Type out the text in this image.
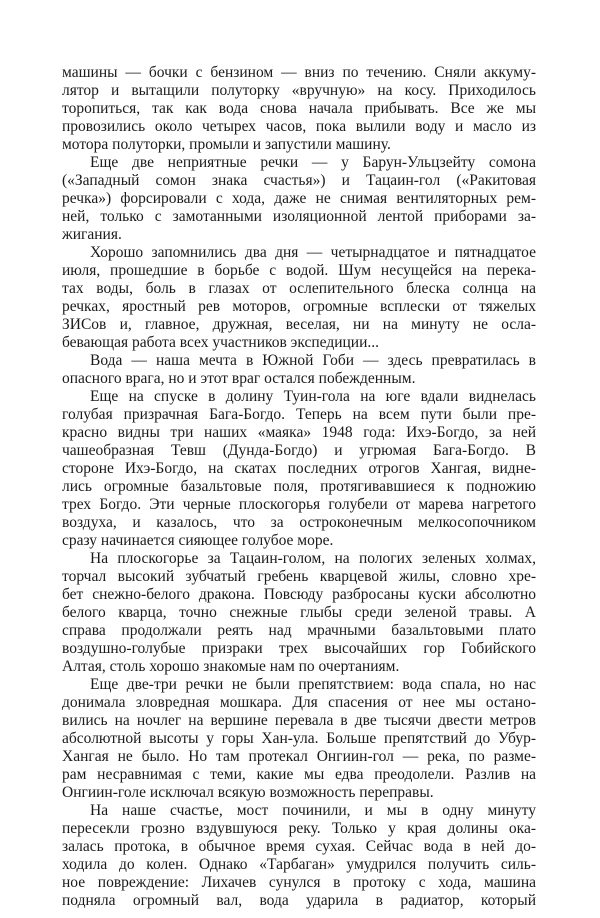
машины — бочки с бензином — вниз по течению. Сняли аккуму-
лятор и вытащили полуторку «вручную» на косу. Приходилось
торопиться, так как вода снова начала прибывать. Все же мы
провозились около четырех часов, пока вылили воду и масло из
мотора полуторки, промыли и запустили машину.
Еще две неприятные речки — у Барун-Ульцзейту сомона
(«Западный сомон знака счастья») и Тацаин-гол («Ракитовая
речка») форсировали с хода, даже не снимая вентиляторных рем-
ней, только с замотанными изоляционной лентой приборами за-
жигания.
Хорошо запомнились два дня — четырнадцатое и пятнадцатое
июля, прошедшие в борьбе с водой. Шум несущейся на перека-
тах воды, боль в глазах от ослепительного блеска солнца на
речках, яростный рев моторов, огромные всплески от тяжелых
ЗИСов и, главное, дружная, веселая, ни на минуту не осла-
бевающая работа всех участников экспедиции...
Вода — наша мечта в Южной Гоби — здесь превратилась в
опасного врага, но и этот враг остался побежденным.
Еще на спуске в долину Туин-гола на юге вдали виднелась
голубая призрачная Бага-Богдо. Теперь на всем пути были пре-
красно видны три наших «маяка» 1948 года: Ихэ-Богдо, за ней
чашеобразная Тевш (Дунда-Богдо) и угрюмая Бага-Богдо. В
стороне Ихэ-Богдо, на скатах последних отрогов Хангая, виднe-
лись огромные базальтовые поля, протягивавшиеся к подножию
трех Богдо. Эти черные плоскогорья голубели от марева нагретого
воздуха, и казалось, что за остроконечным мелкосопочником
сразу начинается сияющее голубое море.
На плоскогорье за Тацаин-голом, на пологих зеленых холмах,
торчал высокий зубчатый гребень кварцевой жилы, словно хре-
бет снежно-белого дракона. Повсюду разбросаны куски абсолютно
белого кварца, точно снежные глыбы среди зеленой травы. А
справа продолжали реять над мрачными базальтовыми плато
воздушно-голубые призраки трех высочайших гор Гобийского
Алтая, столь хорошо знакомые нам по очертаниям.
Еще две-три речки не были препятствием: вода спала, но нас
донимала зловредная мошкара. Для спасения от нее мы остано-
вились на ночлег на вершине перевала в две тысячи двести метров
абсолютной высоты у горы Хан-ула. Больше препятствий до Убур-
Хангая не было. Но там протекал Онгиин-гол — река, по разме-
рам несравнимая с теми, какие мы едва преодолели. Разлив на
Онгиин-голе исключал всякую возможность переправы.
На наше счастье, мост починили, и мы в одну минуту
пересекли грозно вздувшуюся реку. Только у края долины ока-
залась протока, в обычное время сухая. Сейчас вода в ней до-
ходила до колен. Однако «Тарбаган» умудрился получить силь-
ное повреждение: Лихачев сунулся в протоку с хода, машина
подняла огромный вал, вода ударила в радиатор, который
